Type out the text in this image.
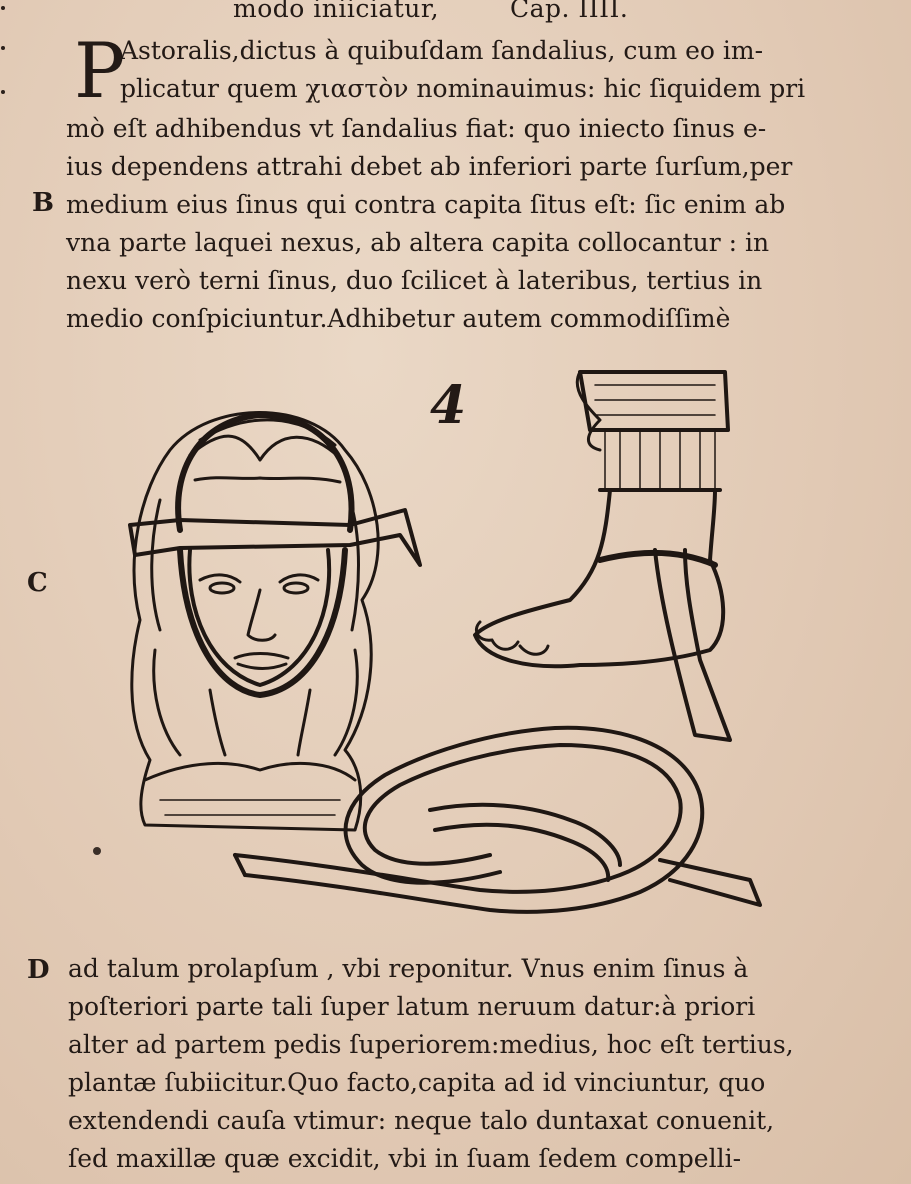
modo iniiciatur,	Cap. IIII.
P
Astoralis,dictus à quibuſdam ſandalius, cum eo im-
plicatur quem χιαστὸν nominauimus: hic ſiquidem pri
mò eſt adhibendus vt ſandalius fiat: quo iniecto ſinus e-
ius dependens attrahi debet ab inferiori parte ſurſum,per
medium eius ſinus qui contra capita ſitus eſt: ſic enim ab
vna parte laquei nexus, ab altera capita collocantur : in
nexu verò terni ſinus, duo ſcilicet à lateribus, tertius in
medio conſpiciuntur.Adhibetur autem commodiſſimè
B
C
D
4
ad talum prolapſum , vbi reponitur. Vnus enim ſinus à
poſteriori parte tali ſuper latum neruum datur:à priori
alter ad partem pedis ſuperiorem:medius, hoc eſt tertius,
plantæ ſubiicitur.Quo facto,capita ad id vinciuntur, quo
extendendi cauſa vtimur: neque talo duntaxat conuenit,
ſed maxillæ quæ excidit, vbi in ſuam ſedem compelli-
